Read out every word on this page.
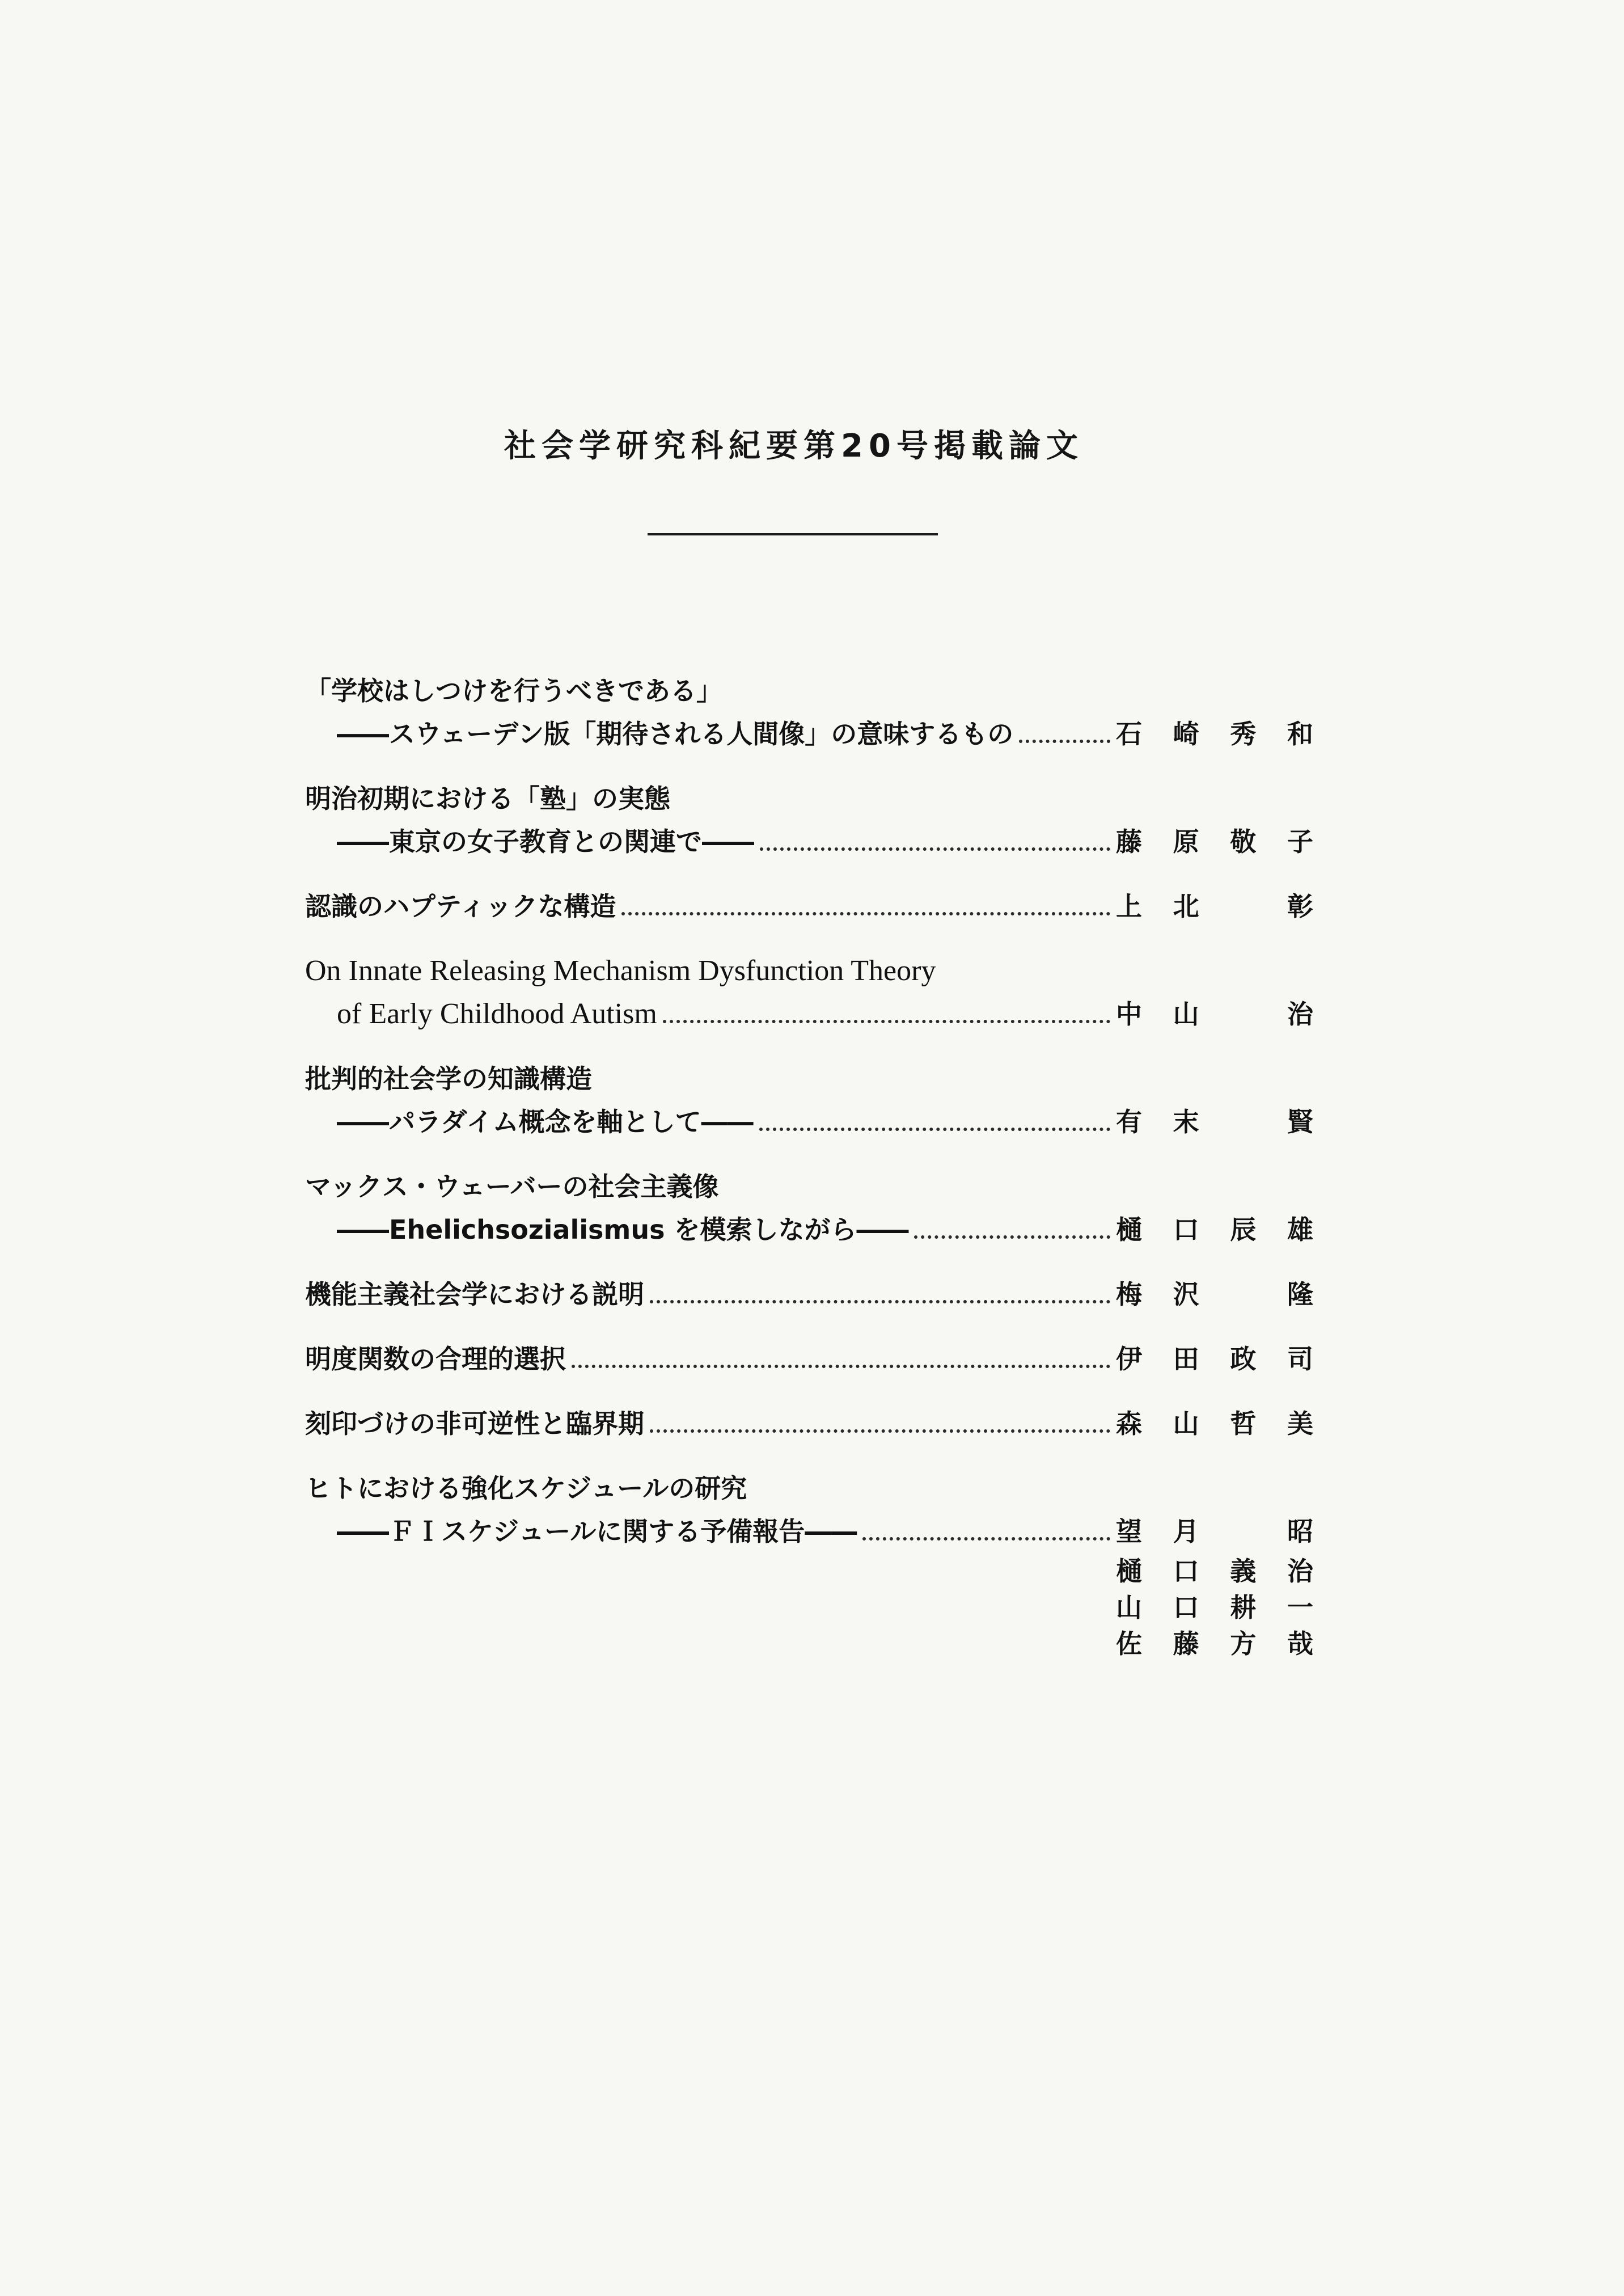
社会学研究科紀要第20号掲載論文
「学校はしつけを行うべきである」
――スウェーデン版「期待される人間像」の意味するもの	石 崎 秀 和
明治初期における「塾」の実態
――東京の女子教育との関連で――	藤 原 敬 子
認識のハプティックな構造	上 北	彰
On Innate Releasing Mechanism Dysfunction Theory
of Early Childhood Autism	中 山	治
批判的社会学の知識構造
――パラダイム概念を軸として――	有 末	賢
マックス・ウェーバーの社会主義像
――Ehelichsozialismus を模索しながら――	樋 口 辰 雄
機能主義社会学における説明	梅 沢	隆
明度関数の合理的選択	伊 田 政 司
刻印づけの非可逆性と臨界期	森 山 哲 美
ヒトにおける強化スケジュールの研究
――ＦＩスケジュールに関する予備報告――	望 月	昭
樋 口 義 治
山 口 耕 一
佐 藤 方 哉
